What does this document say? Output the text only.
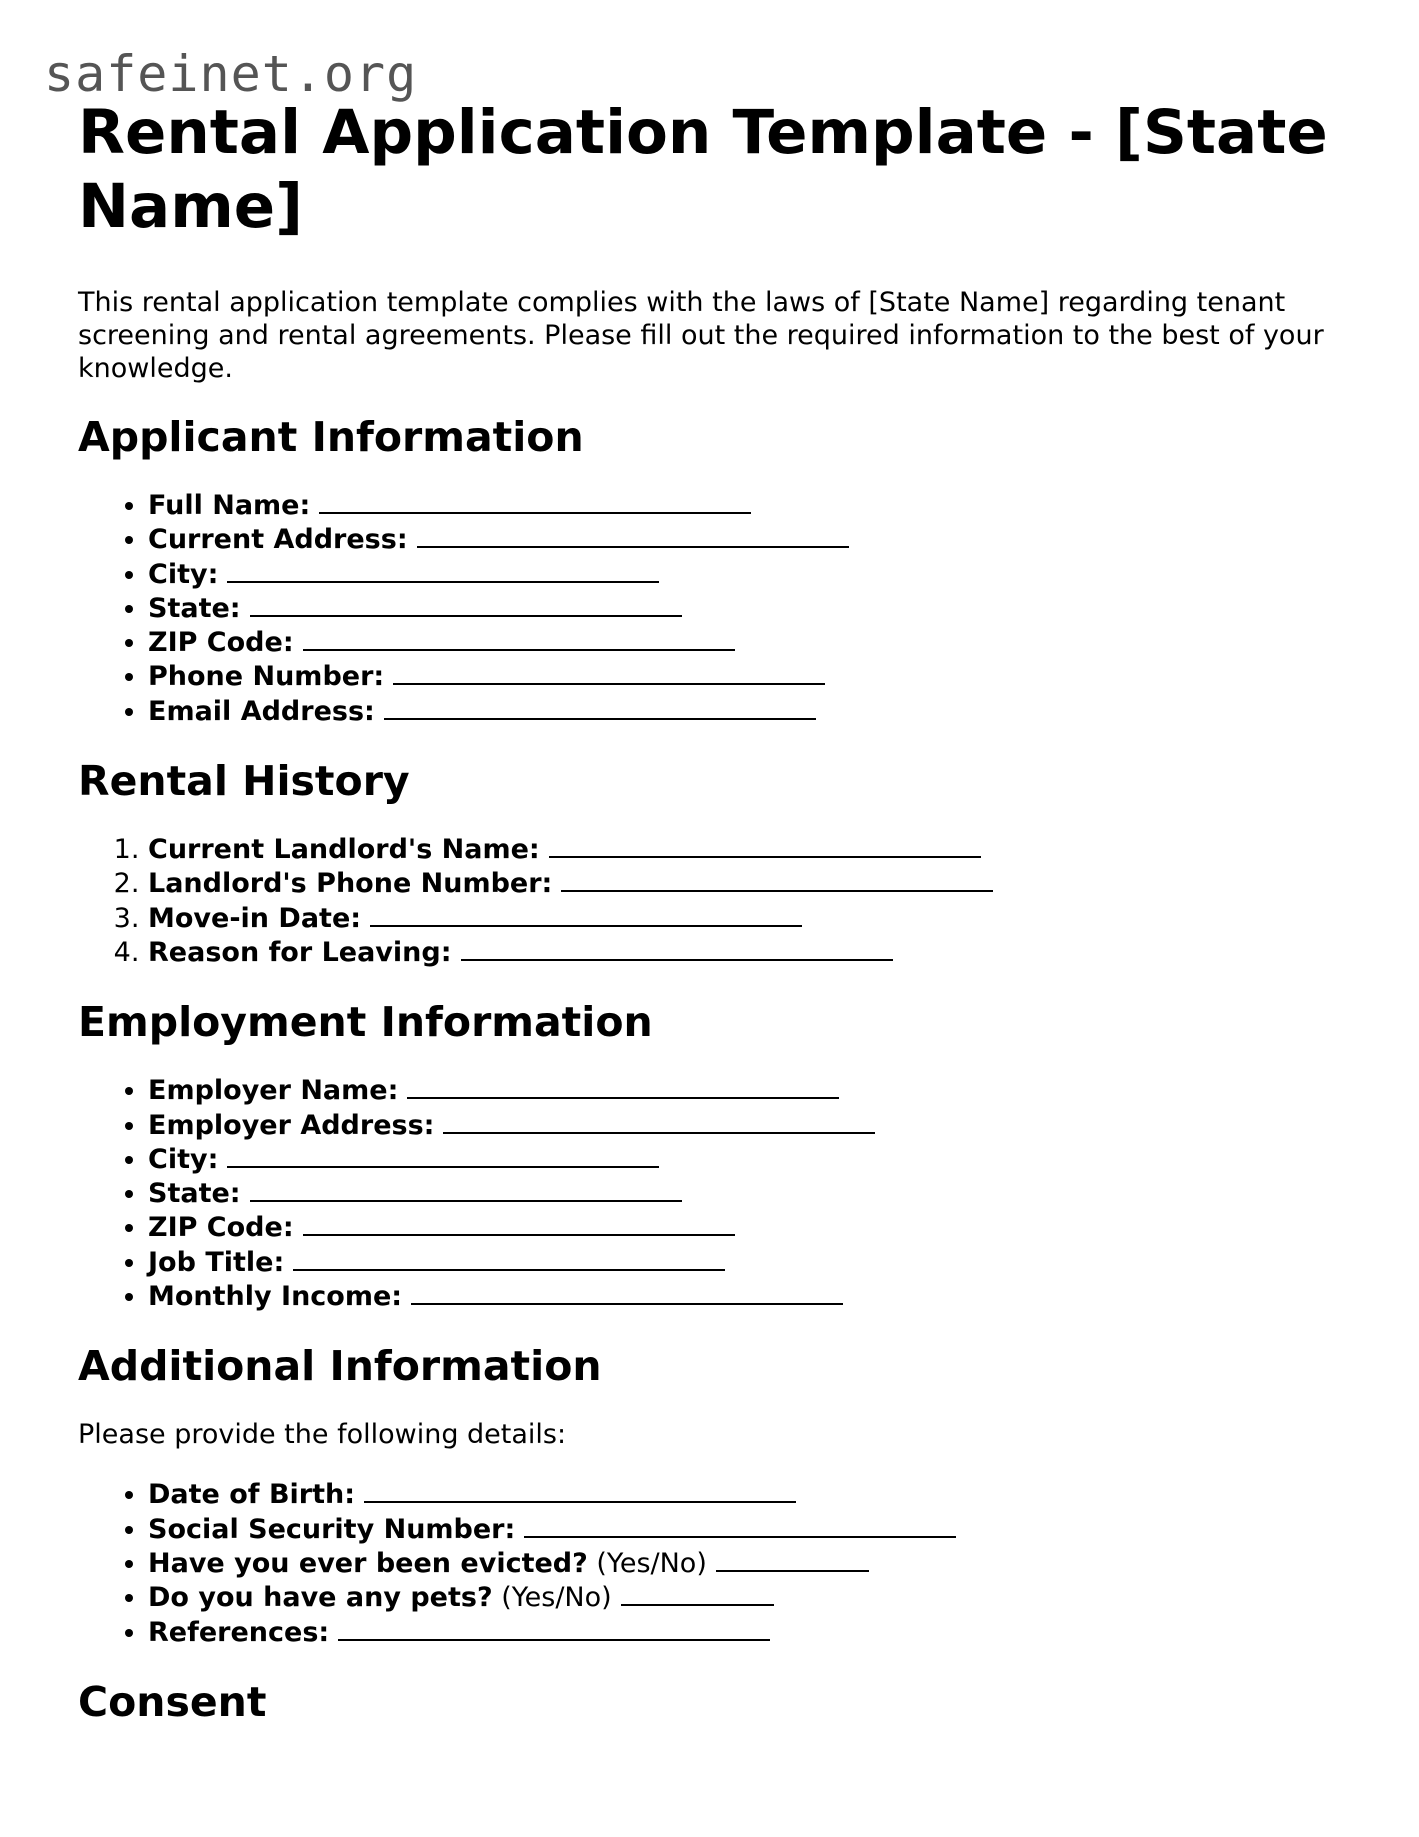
safeinet.org
Rental Application Template - [State Name]

This rental application template complies with the laws of [State Name] regarding tenant screening and rental agreements. Please fill out the required information to the best of your knowledge.

Applicant Information
• Full Name:
• Current Address:
• City:
• State:
• ZIP Code:
• Phone Number:
• Email Address:
Rental History
1. Current Landlord's Name:
2. Landlord's Phone Number:
3. Move-in Date:
4. Reason for Leaving:
Employment Information
• Employer Name:
• Employer Address:
• City:
• State:
• ZIP Code:
• Job Title:
• Monthly Income:
Additional Information

Please provide the following details:

• Date of Birth:
• Social Security Number:
• Have you ever been evicted? (Yes/No)
• Do you have any pets? (Yes/No)
• References:
Consent
